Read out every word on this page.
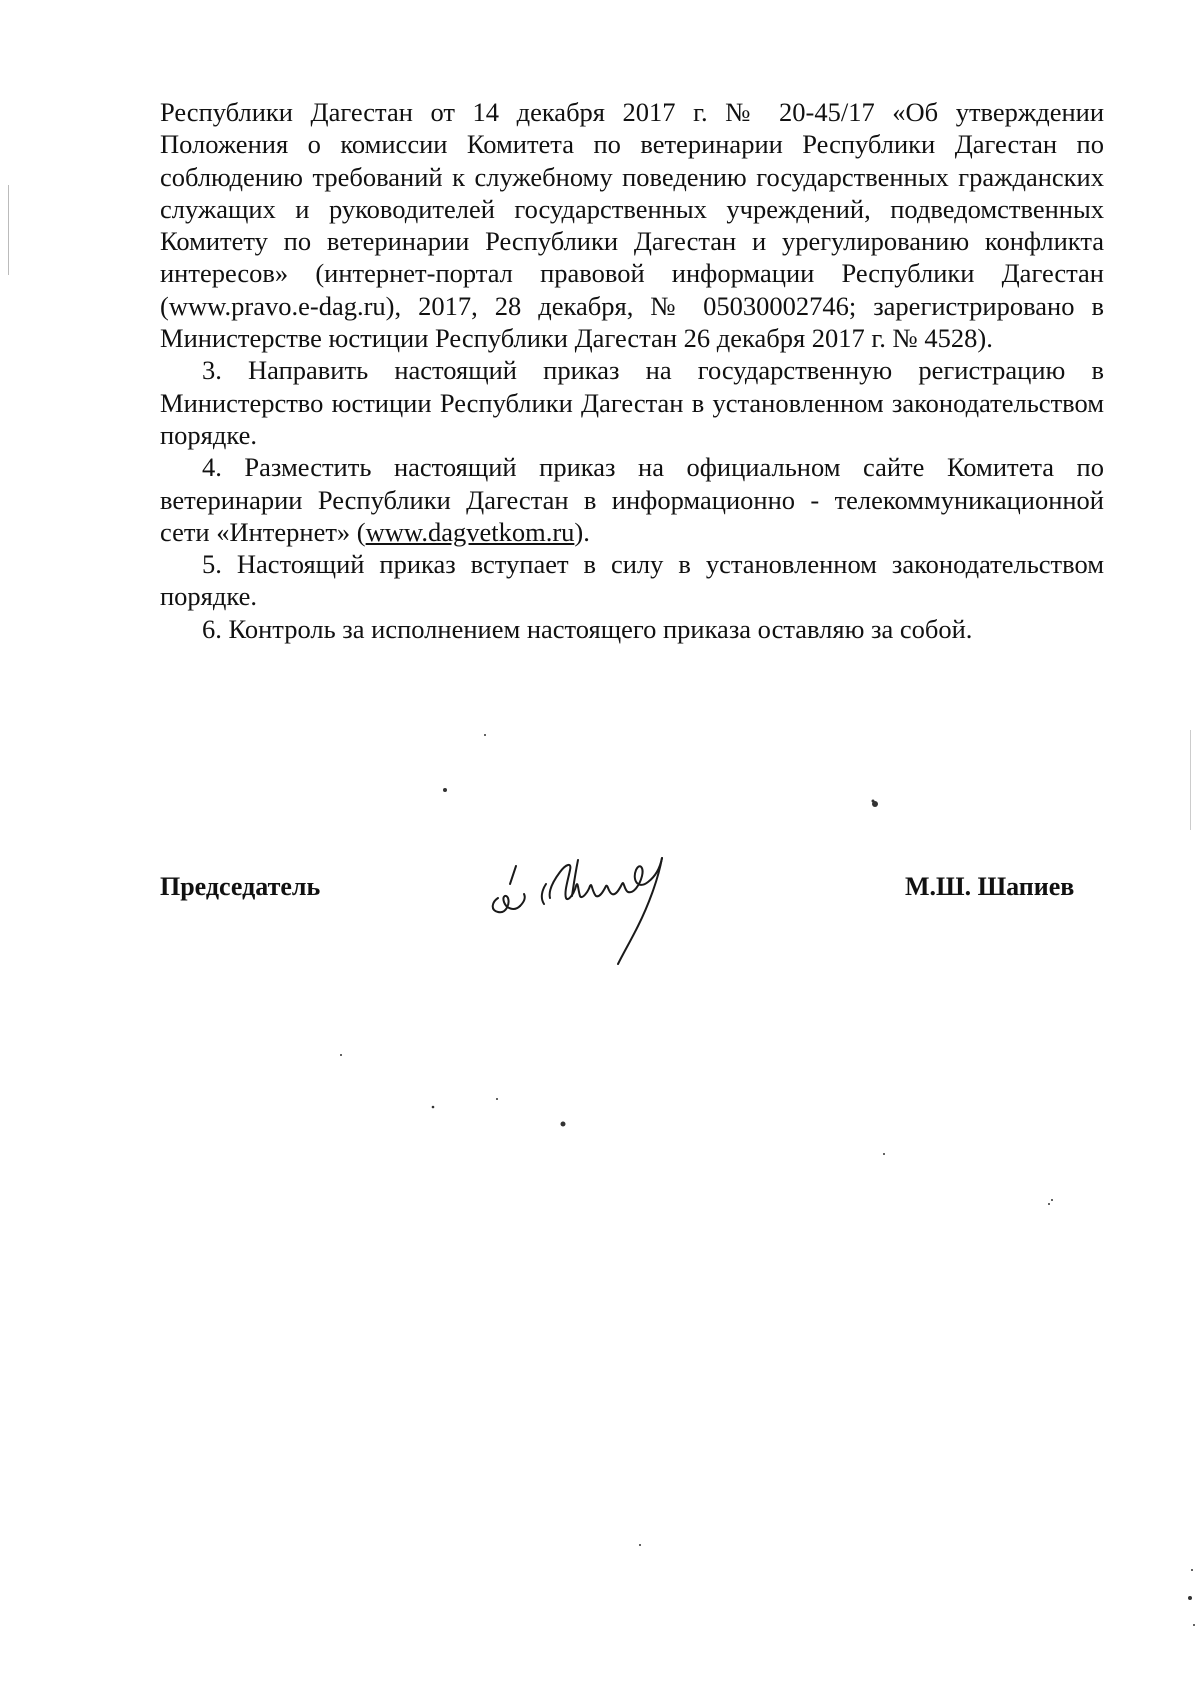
Республики Дагестан от 14 декабря 2017 г. № 20-45/17 «Об утверждении Положения о комиссии Комитета по ветеринарии Республики Дагестан по соблюдению требований к служебному поведению государственных гражданских служащих и руководителей государственных учреждений, подведомственных Комитету по ветеринарии Республики Дагестан и урегулированию конфликта интересов» (интернет-портал правовой информации Республики Дагестан (www.pravo.e-dag.ru), 2017, 28 декабря, № 05030002746; зарегистрировано в Министерстве юстиции Республики Дагестан 26 декабря 2017 г. № 4528).

3. Направить настоящий приказ на государственную регистрацию в Министерство юстиции Республики Дагестан в установленном законодательством порядке.

4. Разместить настоящий приказ на официальном сайте Комитета по ветеринарии Республики Дагестан в информационно - телекоммуникационной сети «Интернет» (www.dagvetkom.ru).

5. Настоящий приказ вступает в силу в установленном законодательством порядке.

6. Контроль за исполнением настоящего приказа оставляю за собой.

Председатель	М.Ш. Шапиев
